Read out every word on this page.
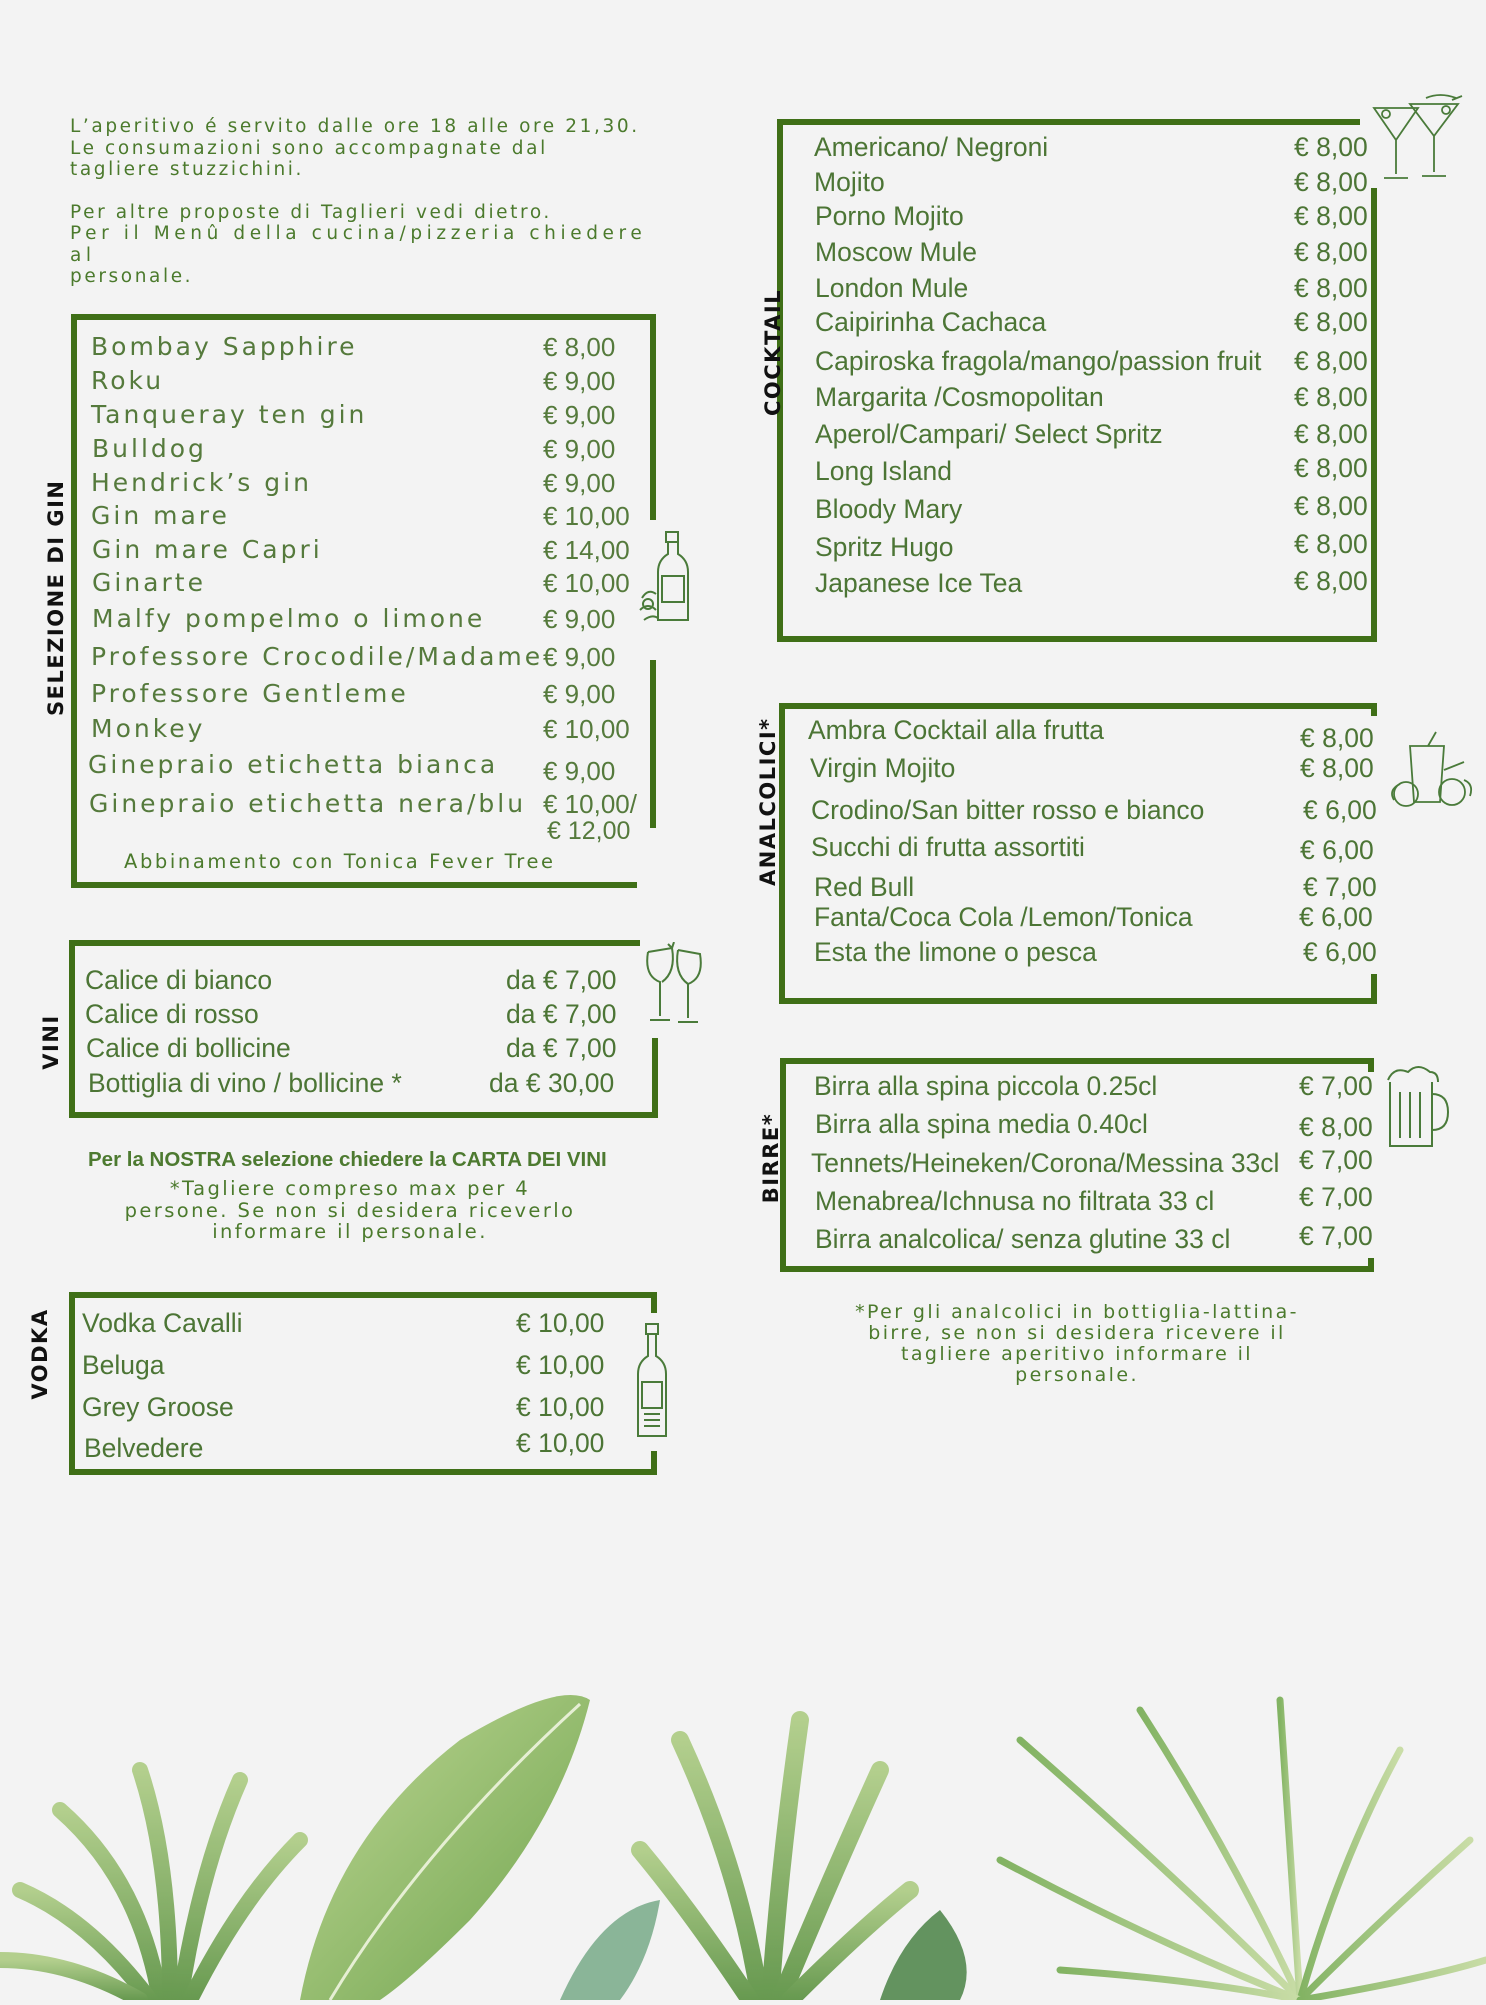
L’aperitivo é servito dalle ore 18 alle ore 21,30.
Le consumazioni sono accompagnate dal
tagliere stuzzichini.

Per altre proposte di Taglieri vedi dietro.
Per il Menû della cucina/pizzeria chiedere al
personale.

SELEZIONE DI GIN
Bombay Sapphire	€ 8,00
Roku	€ 9,00
Tanqueray ten gin	€ 9,00
Bulldog	€ 9,00
Hendrick’s gin	€ 9,00
Gin mare	€ 10,00
Gin mare Capri	€ 14,00
Ginarte	€ 10,00
Malfy pompelmo o limone € 9,00
Professore Crocodile/Madame € 9,00
Professore Gentleme	€ 9,00
Monkey	€ 10,00
Ginepraio etichetta bianca € 9,00
Ginepraio etichetta nera/blu € 10,00/
€ 12,00
Abbinamento con Tonica Fever Tree
VINI
Calice di bianco	da € 7,00
Calice di rosso	da € 7,00
Calice di bollicine	da € 7,00
Bottiglia di vino / bollicine *	da € 30,00
Per la NOSTRA selezione chiedere la CARTA DEI VINI
*Tagliere compreso max per 4
persone. Se non si desidera riceverlo
informare il personale.
VODKA Vodka Cavalli	€ 10,00
Beluga	€ 10,00
Grey Groose	€ 10,00
Belvedere	€ 10,00
COCKTAIL
Americano/ Negroni	€ 8,00
Mojito	€ 8,00
Porno Mojito	€ 8,00
Moscow Mule	€ 8,00
London Mule	€ 8,00
Caipirinha Cachaca	€ 8,00
Capiroska fragola/mango/passion fruit € 8,00
Margarita /Cosmopolitan	€ 8,00
Aperol/Campari/ Select Spritz	€ 8,00
Long Island	€ 8,00
Bloody Mary	€ 8,00
Spritz Hugo	€ 8,00
Japanese Ice Tea	€ 8,00
ANALCOLICI* Ambra Cocktail alla frutta	€ 8,00
Virgin Mojito	€ 8,00
Crodino/San bitter rosso e bianco	€ 6,00
Succhi di frutta assortiti	€ 6,00
Red Bull	€ 7,00
Fanta/Coca Cola /Lemon/Tonica	€ 6,00
Esta the limone o pesca	€ 6,00
BIRRE*
Birra alla spina piccola 0.25cl	€ 7,00
Birra alla spina media 0.40cl	€ 8,00
Tennets/Heineken/Corona/Messina 33cl € 7,00
Menabrea/Ichnusa no filtrata 33 cl	€ 7,00
Birra analcolica/ senza glutine 33 cl	€ 7,00
*Per gli analcolici in bottiglia-lattina-
birre, se non si desidera ricevere il
tagliere aperitivo informare il
personale.
